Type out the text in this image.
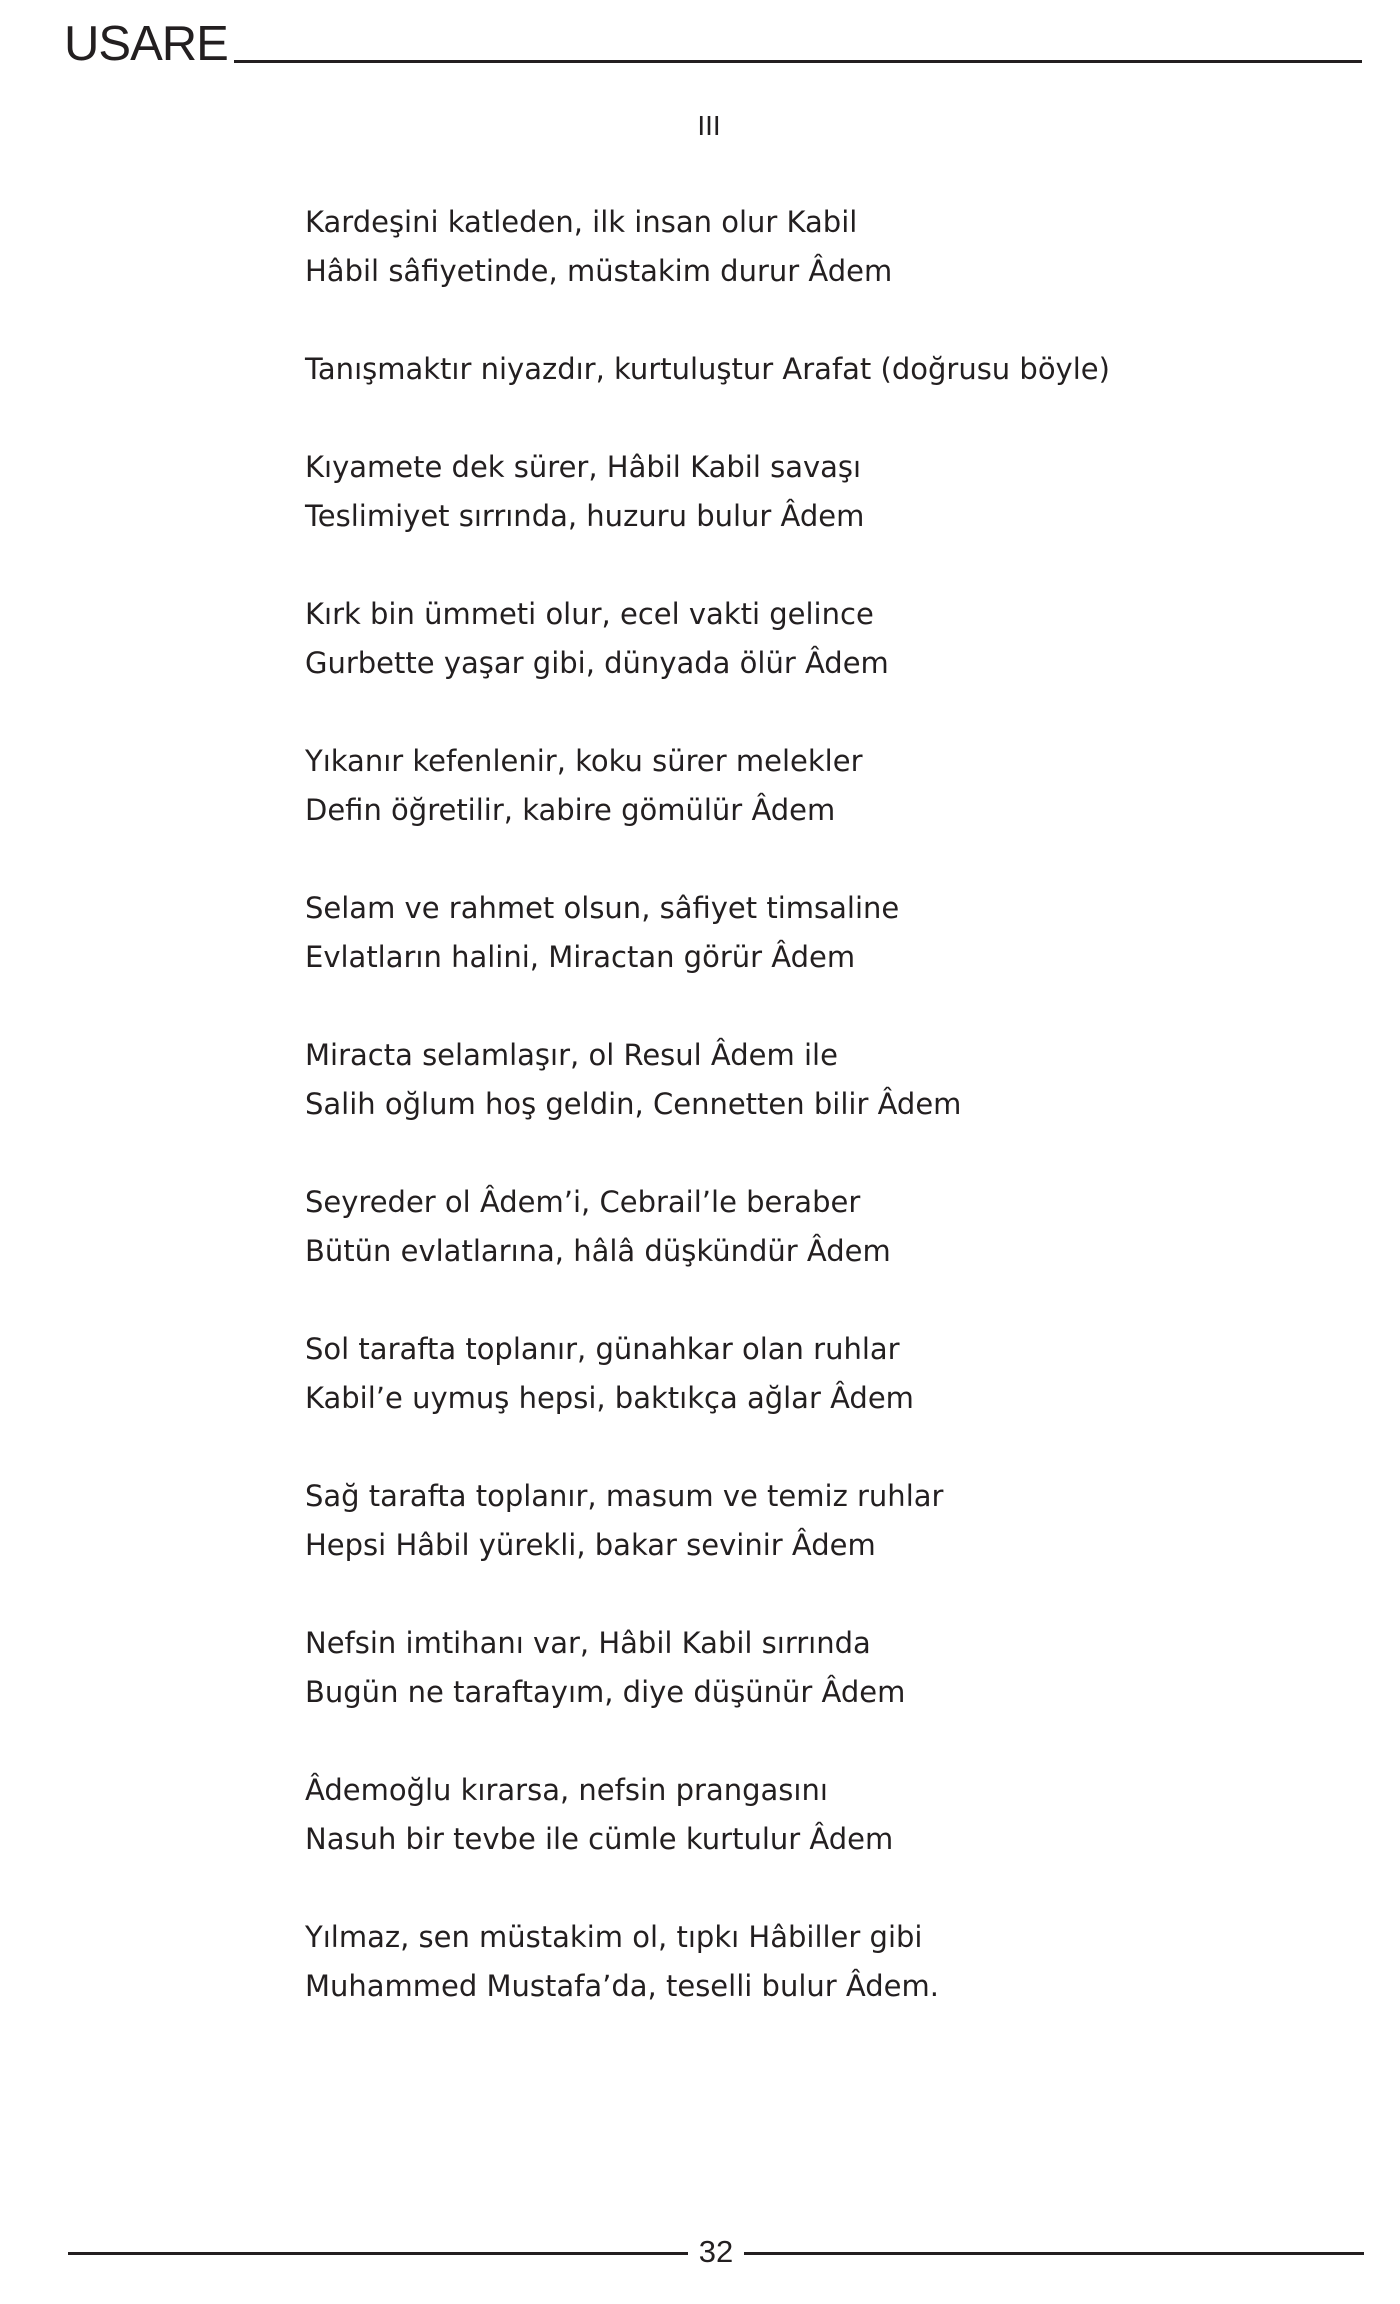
USARE
III
Kardeşini katleden, ilk insan olur Kabil
Hâbil sâfiyetinde, müstakim durur Âdem
Tanışmaktır niyazdır, kurtuluştur Arafat (doğrusu böyle)
Kıyamete dek sürer, Hâbil Kabil savaşı
Teslimiyet sırrında, huzuru bulur Âdem
Kırk bin ümmeti olur, ecel vakti gelince
Gurbette yaşar gibi, dünyada ölür Âdem
Yıkanır kefenlenir, koku sürer melekler
Defin öğretilir, kabire gömülür Âdem
Selam ve rahmet olsun, sâfiyet timsaline
Evlatların halini, Miractan görür Âdem
Miracta selamlaşır, ol Resul Âdem ile
Salih oğlum hoş geldin, Cennetten bilir Âdem
Seyreder ol Âdem’i, Cebrail’le beraber
Bütün evlatlarına, hâlâ düşkündür Âdem
Sol tarafta toplanır, günahkar olan ruhlar
Kabil’e uymuş hepsi, baktıkça ağlar Âdem
Sağ tarafta toplanır, masum ve temiz ruhlar
Hepsi Hâbil yürekli, bakar sevinir Âdem
Nefsin imtihanı var, Hâbil Kabil sırrında
Bugün ne taraftayım, diye düşünür Âdem
Âdemoğlu kırarsa, nefsin prangasını
Nasuh bir tevbe ile cümle kurtulur Âdem
Yılmaz, sen müstakim ol, tıpkı Hâbiller gibi
Muhammed Mustafa’da, teselli bulur Âdem.
32
